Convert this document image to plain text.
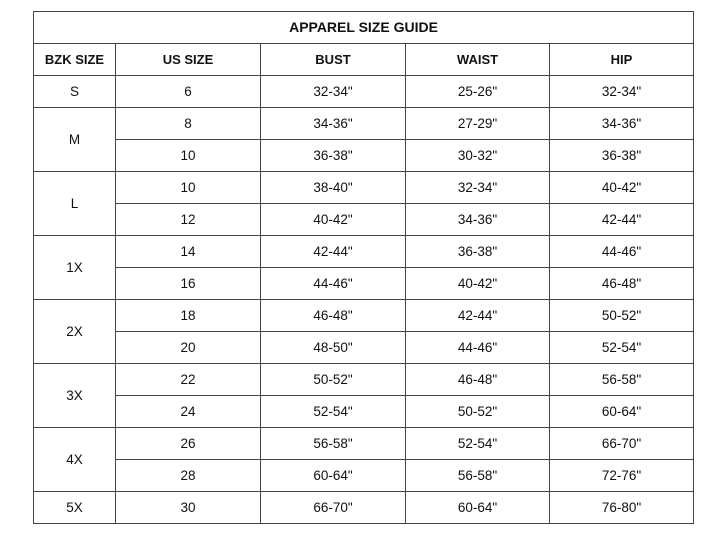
APPAREL SIZE GUIDE				
BZK SIZE	US SIZE	BUST	WAIST	HIP
S	6	32-34"	25-26"	32-34"
M	8	34-36"	27-29"	34-36"
	10	36-38"	30-32"	36-38"
L	10	38-40"	32-34"	40-42"
	12	40-42"	34-36"	42-44"
1X	14	42-44"	36-38"	44-46"
	16	44-46"	40-42"	46-48"
2X	18	46-48"	42-44"	50-52"
	20	48-50"	44-46"	52-54"
3X	22	50-52"	46-48"	56-58"
	24	52-54"	50-52"	60-64"
4X	26	56-58"	52-54"	66-70"
	28	60-64"	56-58"	72-76"
5X	30	66-70"	60-64"	76-80"
